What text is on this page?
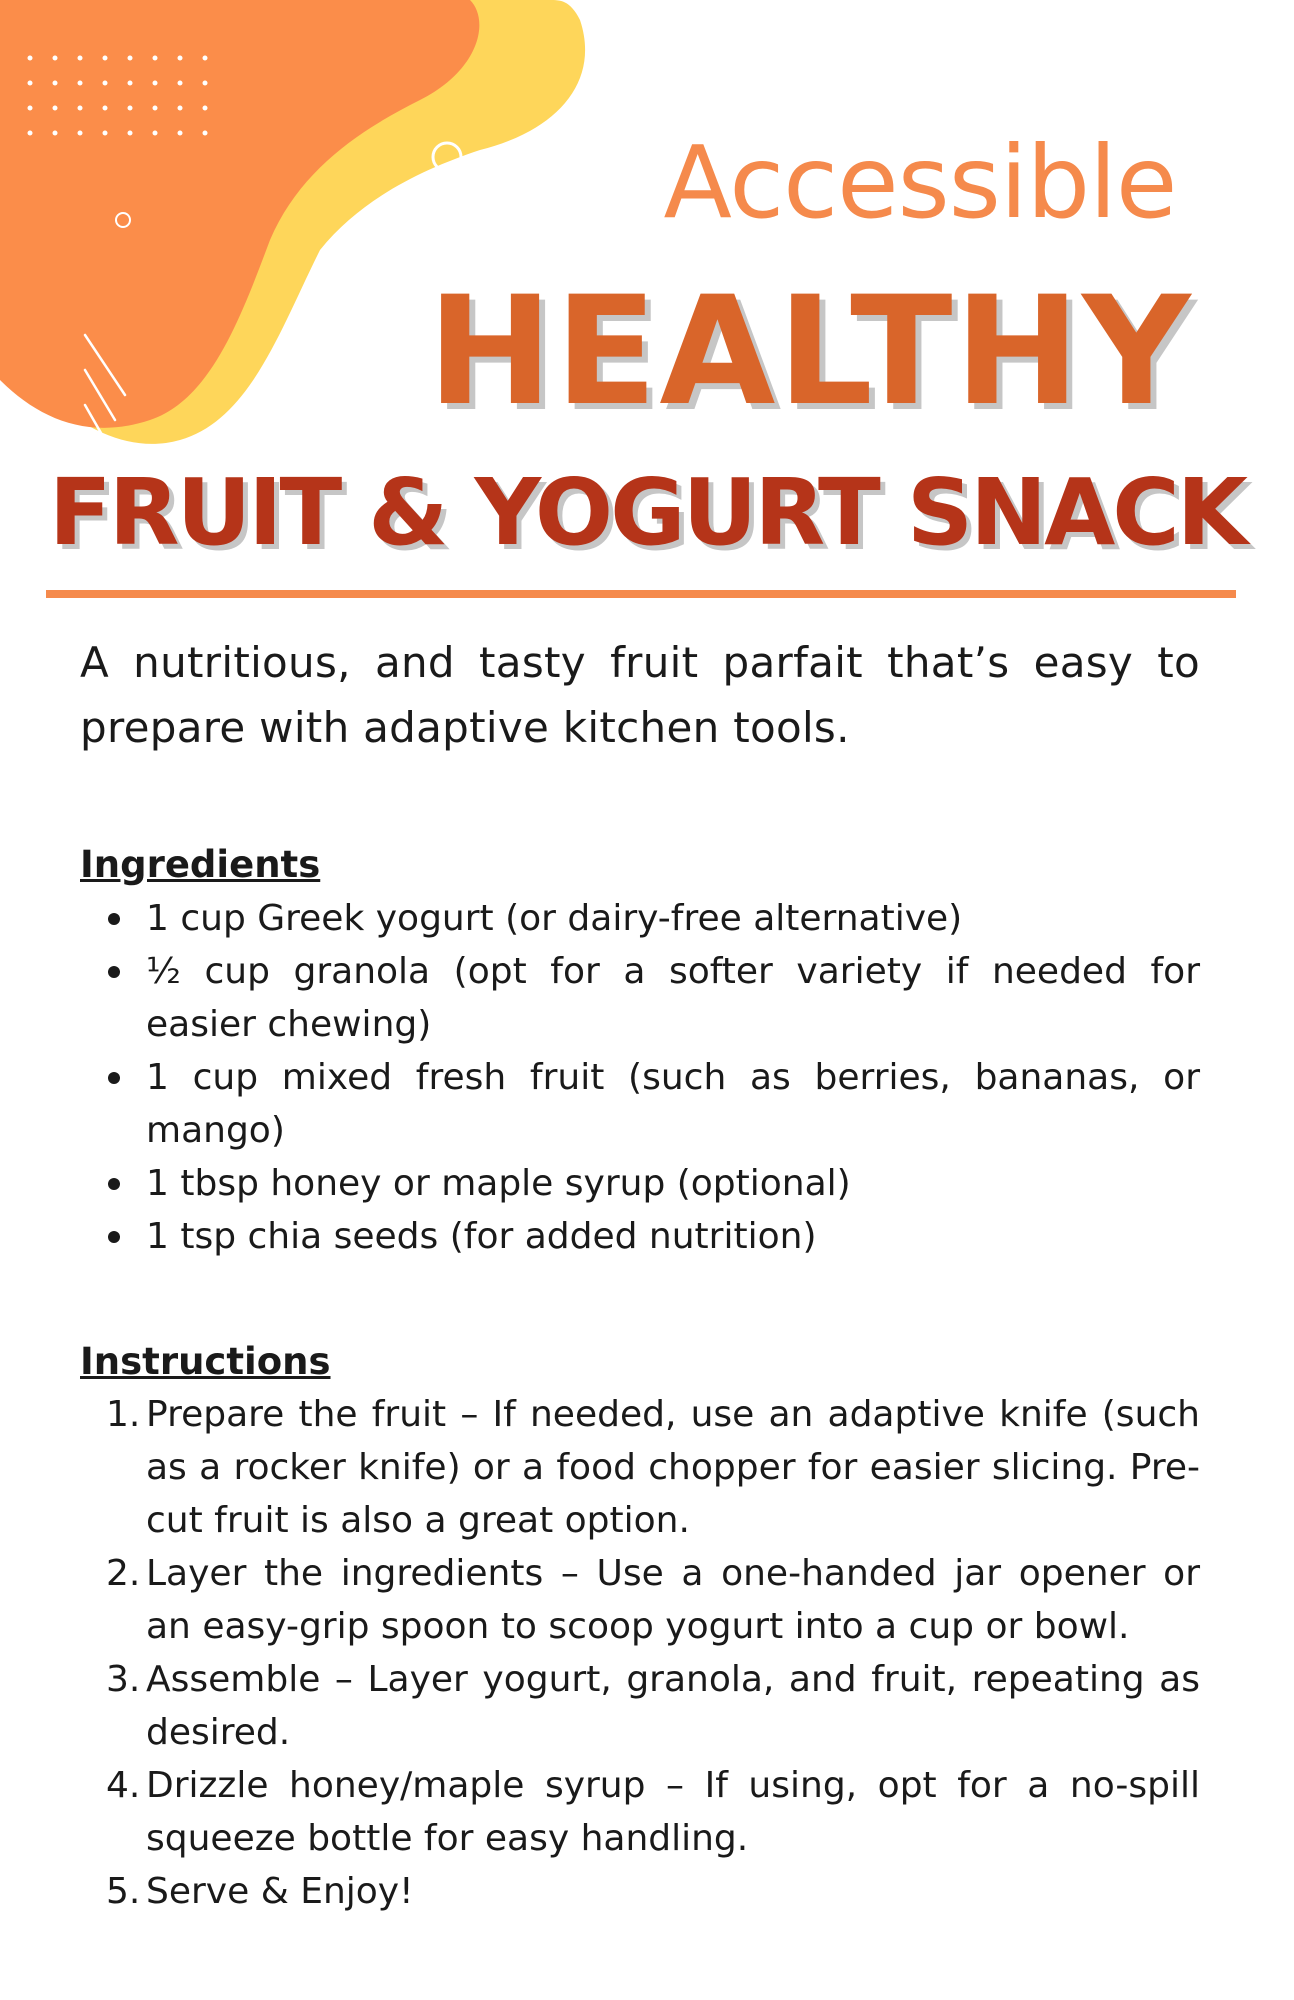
Accessible
HEALTHY
FRUIT & YOGURT SNACK

A nutritious, and tasty fruit parfait that’s easy to prepare with adaptive kitchen tools.

Ingredients
1 cup Greek yogurt (or dairy-free alternative)
½ cup granola (opt for a softer variety if needed for easier chewing)
1 cup mixed fresh fruit (such as berries, bananas, or mango)
1 tbsp honey or maple syrup (optional)
1 tsp chia seeds (for added nutrition)
Instructions
1. Prepare the fruit – If needed, use an adaptive knife (such as a rocker knife) or a food chopper for easier slicing. Pre-cut fruit is also a great option.
2. Layer the ingredients – Use a one-handed jar opener or an easy-grip spoon to scoop yogurt into a cup or bowl.
3. Assemble – Layer yogurt, granola, and fruit, repeating as desired.
4. Drizzle honey/maple syrup – If using, opt for a no-spill squeeze bottle for easy handling.
5. Serve & Enjoy!
